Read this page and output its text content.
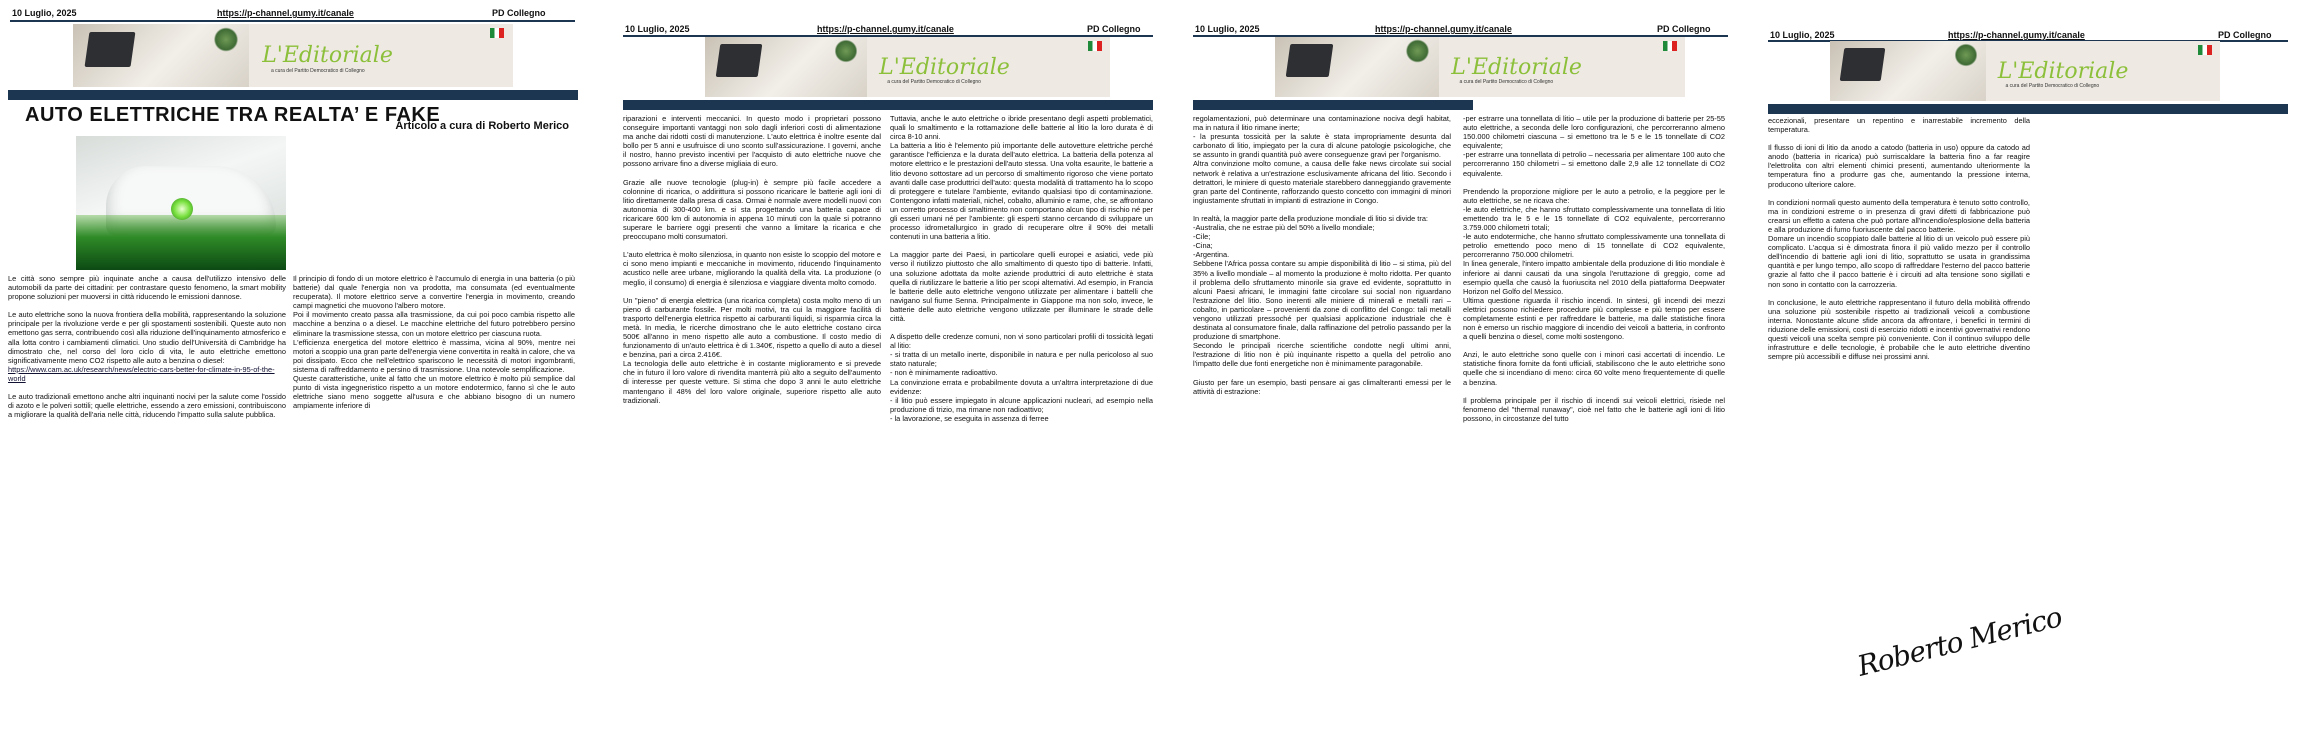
10 Luglio, 2025	https://p-channel.gumy.it/canale	PD Collegno
L'Editoriale
a cura del Partito Democratico di Collegno
AUTO ELETTRICHE TRA REALTA’ E FAKE
Articolo a cura di Roberto Merico

Le città sono sempre più inquinate anche a causa dell'utilizzo intensivo delle automobili da parte dei cittadini: per contrastare questo fenomeno, la smart mobility propone soluzioni per muoversi in città riducendo le emissioni dannose.

Le auto elettriche sono la nuova frontiera della mobilità, rappresentando la soluzione principale per la rivoluzione verde e per gli spostamenti sostenibili. Queste auto non emettono gas serra, contribuendo così alla riduzione dell'inquinamento atmosferico e alla lotta contro i cambiamenti climatici. Uno studio dell'Università di Cambridge ha dimostrato che, nel corso del loro ciclo di vita, le auto elettriche emettono significativamente meno CO2 rispetto alle auto a benzina o diesel:

https://www.cam.ac.uk/research/news/electric-cars-better-for-climate-in-95-of-the-world

Le auto tradizionali emettono anche altri inquinanti nocivi per la salute come l'ossido di azoto e le polveri sottili; quelle elettriche, essendo a zero emissioni, contribuiscono a migliorare la qualità dell'aria nelle città, riducendo l'impatto sulla salute pubblica.

Il principio di fondo di un motore elettrico è l'accumulo di energia in una batteria (o più batterie) dal quale l'energia non va prodotta, ma consumata (ed eventualmente recuperata). Il motore elettrico serve a convertire l'energia in movimento, creando campi magnetici che muovono l'albero motore.

Poi il movimento creato passa alla trasmissione, da cui poi poco cambia rispetto alle macchine a benzina o a diesel. Le macchine elettriche del futuro potrebbero persino eliminare la trasmissione stessa, con un motore elettrico per ciascuna ruota.

L'efficienza energetica del motore elettrico è massima, vicina al 90%, mentre nei motori a scoppio una gran parte dell'energia viene convertita in realtà in calore, che va poi dissipato. Ecco che nell'elettrico spariscono le necessità di motori ingombranti, sistema di raffreddamento e persino di trasmissione. Una notevole semplificazione.

Queste caratteristiche, unite al fatto che un motore elettrico è molto più semplice dal punto di vista ingegneristico rispetto a un motore endotermico, fanno sì che le auto elettriche siano meno soggette all'usura e che abbiano bisogno di un numero ampiamente inferiore di

10 Luglio, 2025	https://p-channel.gumy.it/canale	PD Collegno
L'Editoriale
a cura del Partito Democratico di Collegno

riparazioni e interventi meccanici. In questo modo i proprietari possono conseguire importanti vantaggi non solo dagli inferiori costi di alimentazione ma anche dai ridotti costi di manutenzione. L'auto elettrica è inoltre esente dal bollo per 5 anni e usufruisce di uno sconto sull'assicurazione. I governi, anche il nostro, hanno previsto incentivi per l'acquisto di auto elettriche nuove che possono arrivare fino a diverse migliaia di euro.

Grazie alle nuove tecnologie (plug-in) è sempre più facile accedere a colonnine di ricarica, o addirittura si possono ricaricare le batterie agli ioni di litio direttamente dalla presa di casa. Ormai è normale avere modelli nuovi con autonomia di 300-400 km. e si sta progettando una batteria capace di ricaricare 600 km di autonomia in appena 10 minuti con la quale si potranno superare le barriere oggi presenti che vanno a limitare la ricarica e che preoccupano molti consumatori.

L'auto elettrica è molto silenziosa, in quanto non esiste lo scoppio del motore e ci sono meno impianti e meccaniche in movimento, riducendo l'inquinamento acustico nelle aree urbane, migliorando la qualità della vita. La produzione (o meglio, il consumo) di energia è silenziosa e viaggiare diventa molto comodo.

Un "pieno" di energia elettrica (una ricarica completa) costa molto meno di un pieno di carburante fossile. Per molti motivi, tra cui la maggiore facilità di trasporto dell'energia elettrica rispetto ai carburanti liquidi, si risparmia circa la metà. In media, le ricerche dimostrano che le auto elettriche costano circa 500€ all'anno in meno rispetto alle auto a combustione. Il costo medio di funzionamento di un'auto elettrica è di 1.340€, rispetto a quello di auto a diesel e benzina, pari a circa 2.416€.

La tecnologia delle auto elettriche è in costante miglioramento e si prevede che in futuro il loro valore di rivendita manterrà più alto a seguito dell'aumento di interesse per queste vetture. Si stima che dopo 3 anni le auto elettriche mantengano il 48% del loro valore originale, superiore rispetto alle auto tradizionali.

Tuttavia, anche le auto elettriche o ibride presentano degli aspetti problematici, quali lo smaltimento e la rottamazione delle batterie al litio la loro durata è di circa 8-10 anni.

La batteria a litio è l'elemento più importante delle autovetture elettriche perché garantisce l'efficienza e la durata dell'auto elettrica. La batteria della potenza al motore elettrico e le prestazioni dell'auto stessa. Una volta esaurite, le batterie a litio devono sottostare ad un percorso di smaltimento rigoroso che viene portato avanti dalle case produttrici dell'auto: questa modalità di trattamento ha lo scopo di proteggere e tutelare l'ambiente, evitando qualsiasi tipo di contaminazione. Contengono infatti materiali, nichel, cobalto, alluminio e rame, che, se affrontano un corretto processo di smaltimento non comportano alcun tipo di rischio né per gli esseri umani né per l'ambiente: gli esperti stanno cercando di sviluppare un processo idrometallurgico in grado di recuperare oltre il 90% dei metalli contenuti in una batteria a litio.

La maggior parte dei Paesi, in particolare quelli europei e asiatici, vede più verso il riutilizzo piuttosto che allo smaltimento di questo tipo di batterie. Infatti, una soluzione adottata da molte aziende produttrici di auto elettriche è stata quella di riutilizzare le batterie a litio per scopi alternativi. Ad esempio, in Francia le batterie delle auto elettriche vengono utilizzate per alimentare i battelli che navigano sul fiume Senna. Principalmente in Giappone ma non solo, invece, le batterie delle auto elettriche vengono utilizzate per illuminare le strade delle città.

A dispetto delle credenze comuni, non vi sono particolari profili di tossicità legati al litio:

- si tratta di un metallo inerte, disponibile in natura e per nulla pericoloso al suo stato naturale;

- non è minimamente radioattivo.

La convinzione errata e probabilmente dovuta a un'altrra interpretazione di due evidenze:

- il litio può essere impiegato in alcune applicazioni nucleari, ad esempio nella produzione di trizio, ma rimane non radioattivo;

- la lavorazione, se eseguita in assenza di ferree

10 Luglio, 2025	https://p-channel.gumy.it/canale	PD Collegno
L'Editoriale
a cura del Partito Democratico di Collegno

regolamentazioni, può determinare una contaminazione nociva degli habitat, ma in natura il litio rimane inerte;

- la presunta tossicità per la salute è stata impropriamente desunta dal carbonato di litio, impiegato per la cura di alcune patologie psicologiche, che se assunto in grandi quantità può avere conseguenze gravi per l'organismo.

Altra convinzione molto comune, a causa delle fake news circolate sui social network è relativa a un'estrazione esclusivamente africana del litio. Secondo i detrattori, le miniere di questo materiale starebbero danneggiando gravemente gran parte del Continente, rafforzando questo concetto con immagini di minori ingiustamente sfruttati in impianti di estrazione in Congo.

In realtà, la maggior parte della produzione mondiale di litio si divide tra:

-Australia, che ne estrae più del 50% a livello mondiale;

-Cile;

-Cina;

-Argentina.

Sebbene l'Africa possa contare su ampie disponibilità di litio – si stima, più del 35% a livello mondiale – al momento la produzione è molto ridotta. Per quanto il problema dello sfruttamento minorile sia grave ed evidente, soprattutto in alcuni Paesi africani, le immagini fatte circolare sui social non riguardano l'estrazione del litio. Sono inerenti alle miniere di minerali e metalli rari – cobalto, in particolare – provenienti da zone di conflitto del Congo: tali metalli vengono utilizzati pressoché per qualsiasi applicazione industriale che è destinata al consumatore finale, dalla raffinazione del petrolio passando per la produzione di smartphone.

Secondo le principali ricerche scientifiche condotte negli ultimi anni, l'estrazione di litio non è più inquinante rispetto a quella del petrolio ano l'impatto delle due fonti energetiche non è minimamente paragonabile.

Giusto per fare un esempio, basti pensare ai gas climalteranti emessi per le attività di estrazione:

-per estrarre una tonnellata di litio – utile per la produzione di batterie per 25-55 auto elettriche, a seconda delle loro configurazioni, che percorreranno almeno 150.000 chilometri ciascuna – si emettono tra le 5 e le 15 tonnellate di CO2 equivalente;

-per estrarre una tonnellata di petrolio – necessaria per alimentare 100 auto che percorreranno 150 chilometri – si emettono dalle 2,9 alle 12 tonnellate di CO2 equivalente.

Prendendo la proporzione migliore per le auto a petrolio, e la peggiore per le auto elettriche, se ne ricava che:

-le auto elettriche, che hanno sfruttato complessivamente una tonnellata di litio emettendo tra le 5 e le 15 tonnellate di CO2 equivalente, percorreranno 3.759.000 chilometri totali;

-le auto endotermiche, che hanno sfruttato complessivamente una tonnellata di petrolio emettendo poco meno di 15 tonnellate di CO2 equivalente, percorreranno 750.000 chilometri.

In linea generale, l'intero impatto ambientale della produzione di litio mondiale è inferiore ai danni causati da una singola l'eruttazione di greggio, come ad esempio quella che causò la fuoriuscita nel 2010 della piattaforma Deepwater Horizon nel Golfo del Messico.

Ultima questione riguarda il rischio incendi. In sintesi, gli incendi dei mezzi elettrici possono richiedere procedure più complesse e più tempo per essere completamente estinti e per raffreddare le batterie, ma dalle statistiche finora non è emerso un rischio maggiore di incendio dei veicoli a batteria, in confronto a quelli benzina o diesel, come molti sostengono.

Anzi, le auto elettriche sono quelle con i minori casi accertati di incendio. Le statistiche finora fornite da fonti ufficiali, stabiliscono che le auto elettriche sono quelle che si incendiano di meno: circa 60 volte meno frequentemente di quelle a benzina.

Il problema principale per il rischio di incendi sui veicoli elettrici, risiede nel fenomeno del "thermal runaway", cioè nel fatto che le batterie agli ioni di litio possono, in circostanze del tutto

10 Luglio, 2025	https://p-channel.gumy.it/canale	PD Collegno
L'Editoriale
a cura del Partito Democratico di Collegno

eccezionali, presentare un repentino e inarrestabile incremento della temperatura.

Il flusso di ioni di litio da anodo a catodo (batteria in uso) oppure da catodo ad anodo (batteria in ricarica) può surriscaldare la batteria fino a far reagire l'elettrolita con altri elementi chimici presenti, aumentando ulteriormente la temperatura fino a produrre gas che, aumentando la pressione interna, producono ulteriore calore.

In condizioni normali questo aumento della temperatura è tenuto sotto controllo, ma in condizioni estreme o in presenza di gravi difetti di fabbricazione può crearsi un effetto a catena che può portare all'incendio/esplosione della batteria e alla produzione di fumo fuoriuscente dal pacco batterie.

Domare un incendio scoppiato dalle batterie al litio di un veicolo può essere più complicato. L'acqua si è dimostrata finora il più valido mezzo per il controllo dell'incendio di batterie agli ioni di litio, soprattutto se usata in grandissima quantità e per lungo tempo, allo scopo di raffreddare l'esterno del pacco batterie grazie al fatto che il pacco batterie è i circuiti ad alta tensione sono sigillati e non sono in contatto con la carrozzeria.

In conclusione, le auto elettriche rappresentano il futuro della mobilità offrendo una soluzione più sostenibile rispetto ai tradizionali veicoli a combustione interna. Nonostante alcune sfide ancora da affrontare, i benefici in termini di riduzione delle emissioni, costi di esercizio ridotti e incentivi governativi rendono questi veicoli una scelta sempre più conveniente. Con il continuo sviluppo delle infrastrutture e delle tecnologie, è probabile che le auto elettriche diventino sempre più accessibili e diffuse nei prossimi anni.

Roberto Merico
